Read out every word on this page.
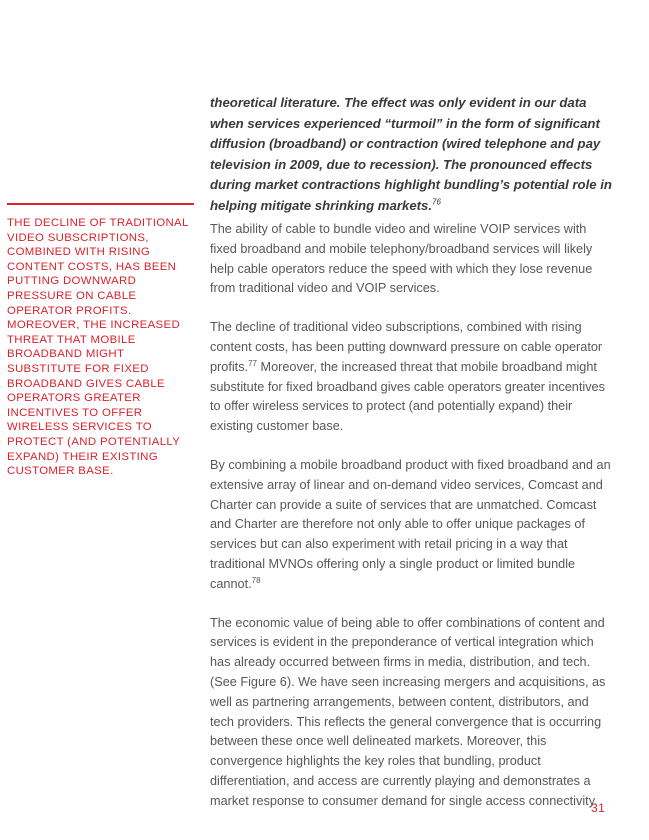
theoretical literature. The effect was only evident in our data when services experienced “turmoil” in the form of significant diffusion (broadband) or contraction (wired telephone and pay television in 2009, due to recession). The pronounced effects during market contractions highlight bundling’s potential role in helping mitigate shrinking markets.$^{76}$

THE DECLINE OF TRADITIONAL VIDEO SUBSCRIPTIONS, COMBINED WITH RISING CONTENT COSTS, HAS BEEN PUTTING DOWNWARD PRESSURE ON CABLE OPERATOR PROFITS. MOREOVER, THE INCREASED THREAT THAT MOBILE BROADBAND MIGHT SUBSTITUTE FOR FIXED BROADBAND GIVES CABLE OPERATORS GREATER INCENTIVES TO OFFER WIRELESS SERVICES TO PROTECT (AND POTENTIALLY EXPAND) THEIR EXISTING CUSTOMER BASE.

The ability of cable to bundle video and wireline VOIP services with fixed broadband and mobile telephony/broadband services will likely help cable operators reduce the speed with which they lose revenue from traditional video and VOIP services.

The decline of traditional video subscriptions, combined with rising content costs, has been putting downward pressure on cable operator profits.$^{77}$ Moreover, the increased threat that mobile broadband might substitute for fixed broadband gives cable operators greater incentives to offer wireless services to protect (and potentially expand) their existing customer base.

By combining a mobile broadband product with fixed broadband and an extensive array of linear and on-demand video services, Comcast and Charter can provide a suite of services that are unmatched. Comcast and Charter are therefore not only able to offer unique packages of services but can also experiment with retail pricing in a way that traditional MVNOs offering only a single product or limited bundle cannot.$^{78}$

The economic value of being able to offer combinations of content and services is evident in the preponderance of vertical integration which has already occurred between firms in media, distribution, and tech. (See Figure 6). We have seen increasing mergers and acquisitions, as well as partnering arrangements, between content, distributors, and tech providers. This reflects the general convergence that is occurring between these once well delineated markets. Moreover, this convergence highlights the key roles that bundling, product differentiation, and access are currently playing and demonstrates a market response to consumer demand for single access connectivity.

31
